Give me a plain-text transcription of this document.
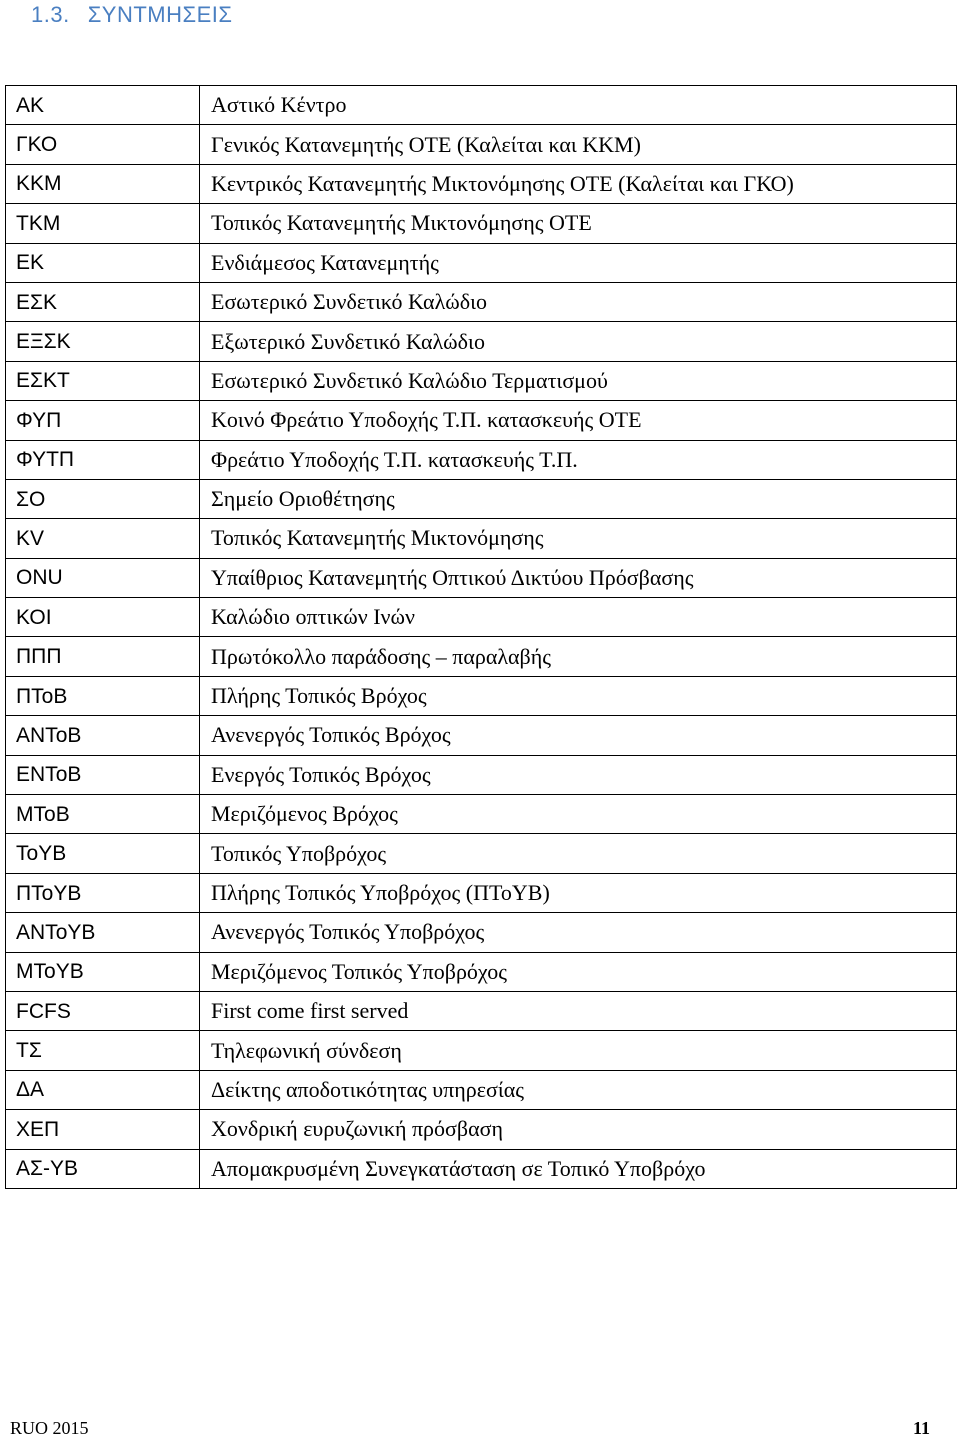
1.3. ΣΥΝΤΜΗΣΕΙΣ
ΑΚ	Αστικό Κέντρο
ΓΚΟ	Γενικός Κατανεμητής ΟΤΕ (Καλείται και ΚΚΜ)
ΚΚΜ	Κεντρικός Κατανεμητής Μικτονόμησης ΟΤΕ (Καλείται και ΓΚΟ)
ΤΚΜ	Τοπικός Κατανεμητής Μικτονόμησης ΟΤΕ
ΕΚ	Ενδιάμεσος Κατανεμητής
ΕΣΚ	Εσωτερικό Συνδετικό Καλώδιο
ΕΞΣΚ	Εξωτερικό Συνδετικό Καλώδιο
ΕΣΚΤ	Εσωτερικό Συνδετικό Καλώδιο Τερματισμού
ΦΥΠ	Κοινό Φρεάτιο Υποδοχής Τ.Π. κατασκευής ΟΤΕ
ΦΥΤΠ	Φρεάτιο Υποδοχής Τ.Π. κατασκευής Τ.Π.
ΣΟ	Σημείο Οριοθέτησης
KV	Τοπικός Κατανεμητής Μικτονόμησης
ONU	Υπαίθριος Κατανεμητής Οπτικού Δικτύου Πρόσβασης
ΚΟΙ	Καλώδιο οπτικών Ινών
ΠΠΠ	Πρωτόκολλο παράδοσης – παραλαβής
ΠΤοΒ	Πλήρης Τοπικός Βρόχος
ΑΝΤοΒ	Ανενεργός Τοπικός Βρόχος
ΕΝΤοΒ	Ενεργός Τοπικός Βρόχος
ΜΤοΒ	Μεριζόμενος Βρόχος
ΤοΥΒ	Τοπικός Υποβρόχος
ΠΤοΥΒ	Πλήρης Τοπικός Υποβρόχος (ΠΤοΥΒ)
ΑΝΤοΥΒ	Ανενεργός Τοπικός Υποβρόχος
ΜΤοΥΒ	Μεριζόμενος Τοπικός Υποβρόχος
FCFS	First come first served
ΤΣ	Τηλεφωνική σύνδεση
ΔΑ	Δείκτης αποδοτικότητας υπηρεσίας
ΧΕΠ	Χονδρική ευρυζωνική πρόσβαση
ΑΣ-ΥΒ	Απομακρυσμένη Συνεγκατάσταση σε Τοπικό Υποβρόχο
RUO 2015	11
